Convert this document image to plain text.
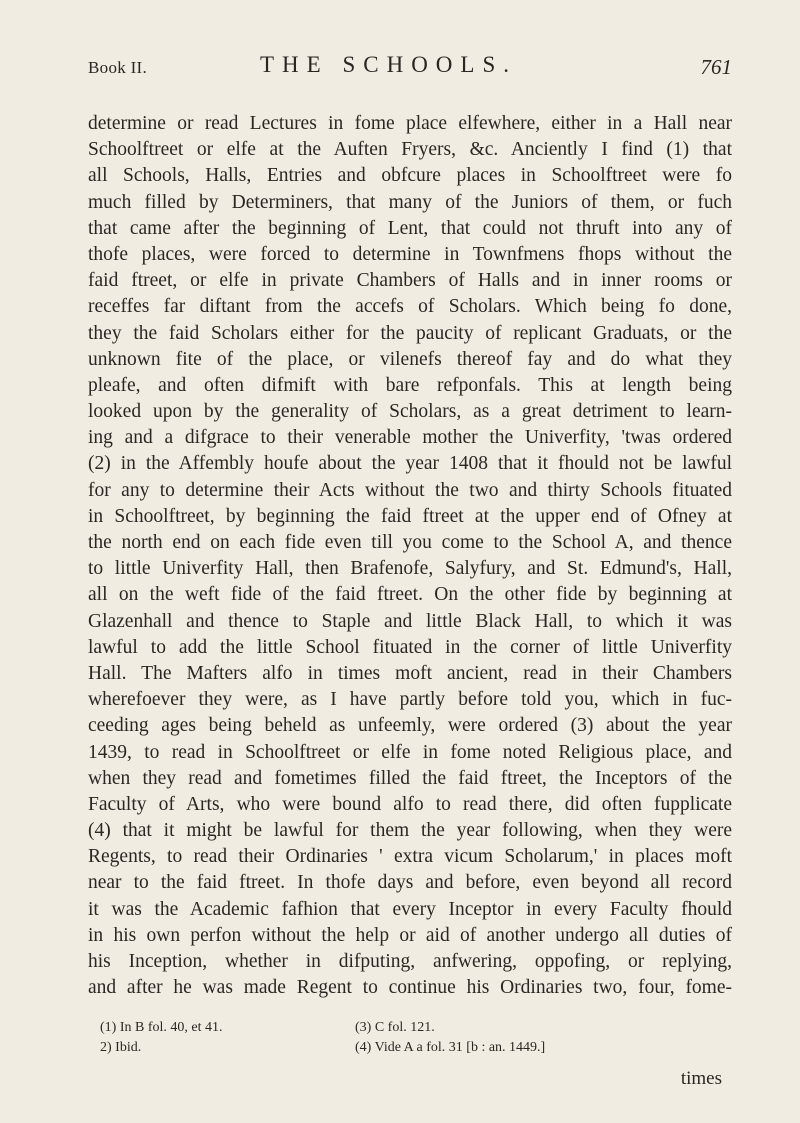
Book II.	THE SCHOOLS.	761
determine or read Lectures in fome place elfewhere, either in a Hall near
Schoolftreet or elfe at the Auften Fryers, &c. Anciently I find (1) that
all Schools, Halls, Entries and obfcure places in Schoolftreet were fo
much filled by Determiners, that many of the Juniors of them, or fuch
that came after the beginning of Lent, that could not thruft into any of
thofe places, were forced to determine in Townfmens fhops without the
faid ftreet, or elfe in private Chambers of Halls and in inner rooms or
receffes far diftant from the accefs of Scholars. Which being fo done,
they the faid Scholars either for the paucity of replicant Graduats, or the
unknown fite of the place, or vilenefs thereof fay and do what they
pleafe, and often difmift with bare refponfals. This at length being
looked upon by the generality of Scholars, as a great detriment to learn-
ing and a difgrace to their venerable mother the Univerfity, 'twas ordered
(2) in the Affembly houfe about the year 1408 that it fhould not be lawful
for any to determine their Acts without the two and thirty Schools fituated
in Schoolftreet, by beginning the faid ftreet at the upper end of Ofney at
the north end on each fide even till you come to the School A, and thence
to little Univerfity Hall, then Brafenofe, Salyfury, and St. Edmund's, Hall,
all on the weft fide of the faid ftreet. On the other fide by beginning at
Glazenhall and thence to Staple and little Black Hall, to which it was
lawful to add the little School fituated in the corner of little Univerfity
Hall. The Mafters alfo in times moft ancient, read in their Chambers
wherefoever they were, as I have partly before told you, which in fuc-
ceeding ages being beheld as unfeemly, were ordered (3) about the year
1439, to read in Schoolftreet or elfe in fome noted Religious place, and
when they read and fometimes filled the faid ftreet, the Inceptors of the
Faculty of Arts, who were bound alfo to read there, did often fupplicate
(4) that it might be lawful for them the year following, when they were
Regents, to read their Ordinaries ' extra vicum Scholarum,' in places moft
near to the faid ftreet. In thofe days and before, even beyond all record
it was the Academic fafhion that every Inceptor in every Faculty fhould
in his own perfon without the help or aid of another undergo all duties of
his Inception, whether in difputing, anfwering, oppofing, or replying,
and after he was made Regent to continue his Ordinaries two, four, fome-
(1) In B fol. 40, et 41.
2) Ibid.
(3) C fol. 121.
(4) Vide A a fol. 31 [b : an. 1449.]
times
